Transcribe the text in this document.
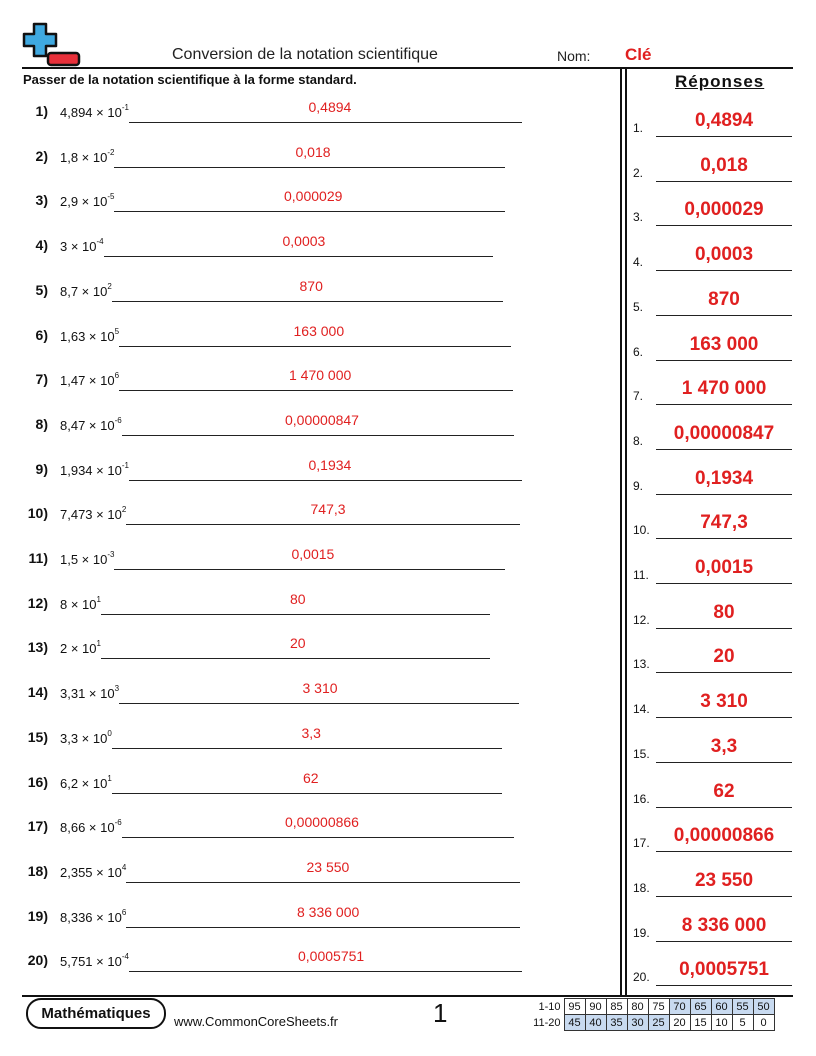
Conversion de la notation scientifique	Nom: Clé
Passer de la notation scientifique à la forme standard.	Réponses
1) $4,894 \times 10^{-1}$	0,4894
2) $1,8 \times 10^{-2}$	0,018
3) $2,9 \times 10^{-5}$	0,000029
4) $3 \times 10^{-4}$	0,0003
5) $8,7 \times 10^2$	870
6) $1,63 \times 10^5$	163 000
7) $1,47 \times 10^6$	1 470 000
8) $8,47 \times 10^{-6}$	0,00000847
9) $1,934 \times 10^{-1}$	0,1934
10) $7,473 \times 10^2$	747,3
11) $1,5 \times 10^{-3}$	0,0015
12) $8 \times 10^1$	80
13) $2 \times 10^1$	20
14) $3,31 \times 10^3$	3 310
15) $3,3 \times 10^0$	3,3
16) $6,2 \times 10^1$	62
17) $8,66 \times 10^{-6}$	0,00000866
18) $2,355 \times 10^4$	23 550
19) $8,336 \times 10^6$	8 336 000
20) $5,751 \times 10^{-4}$	0,0005751
1.	0,4894
2.	0,018
3.	0,000029
4.	0,0003
5.	870
6.	163 000
7.	1 470 000
8.	0,00000847
9.	0,1934
10.	747,3
11.	0,0015
12.	80
13.	20
14.	3 310
15.	3,3
16.	62
17.	0,00000866
18.	23 550
19.	8 336 000
20.	0,0005751
Mathématiques	www.CommonCoreSheets.fr	1	1-10	95	90	85	80	75	70	65	60	55	50
11-20	45	40	35	30	25	20	15	10	5	0
